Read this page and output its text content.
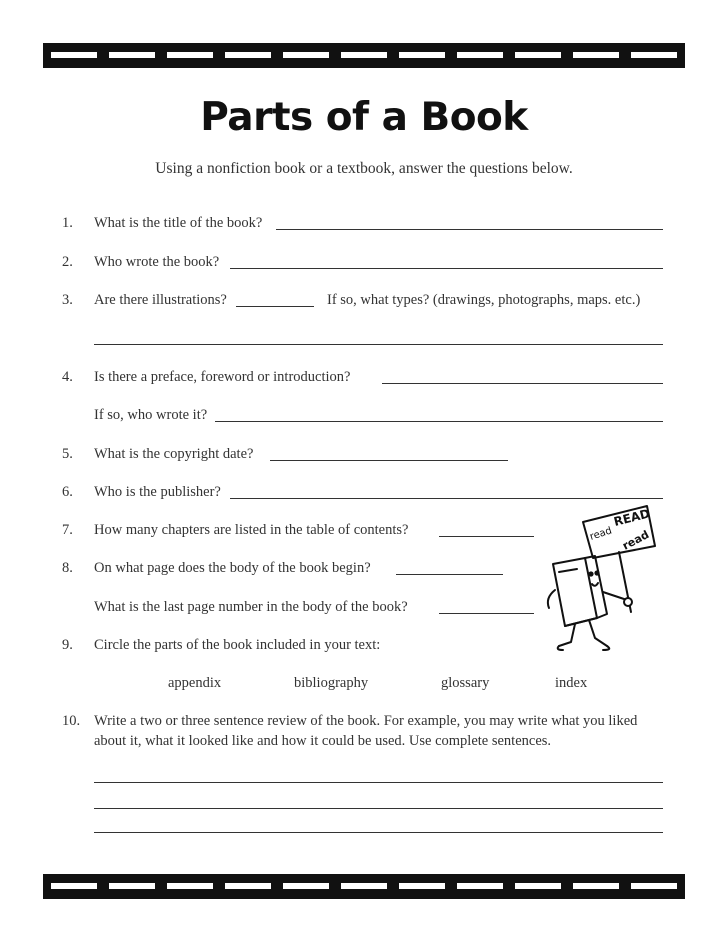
Parts of a Book
Using a nonfiction book or a textbook, answer the questions below.
1. What is the title of the book?
2. Who wrote the book?
3. Are there illustrations?	If so, what types? (drawings, photographs, maps. etc.)
4. Is there a preface, foreword or introduction?
If so, who wrote it?
5. What is the copyright date?
6. Who is the publisher?
7. How many chapters are listed in the table of contents?
8. On what page does the body of the book begin?
What is the last page number in the body of the book?
9. Circle the parts of the book included in your text:
appendix	bibliography	glossary	index
10. Write a two or three sentence review of the book. For example, you may write what you liked about it, what it looked like and how it could be used. Use complete sentences.
read
READ
read
